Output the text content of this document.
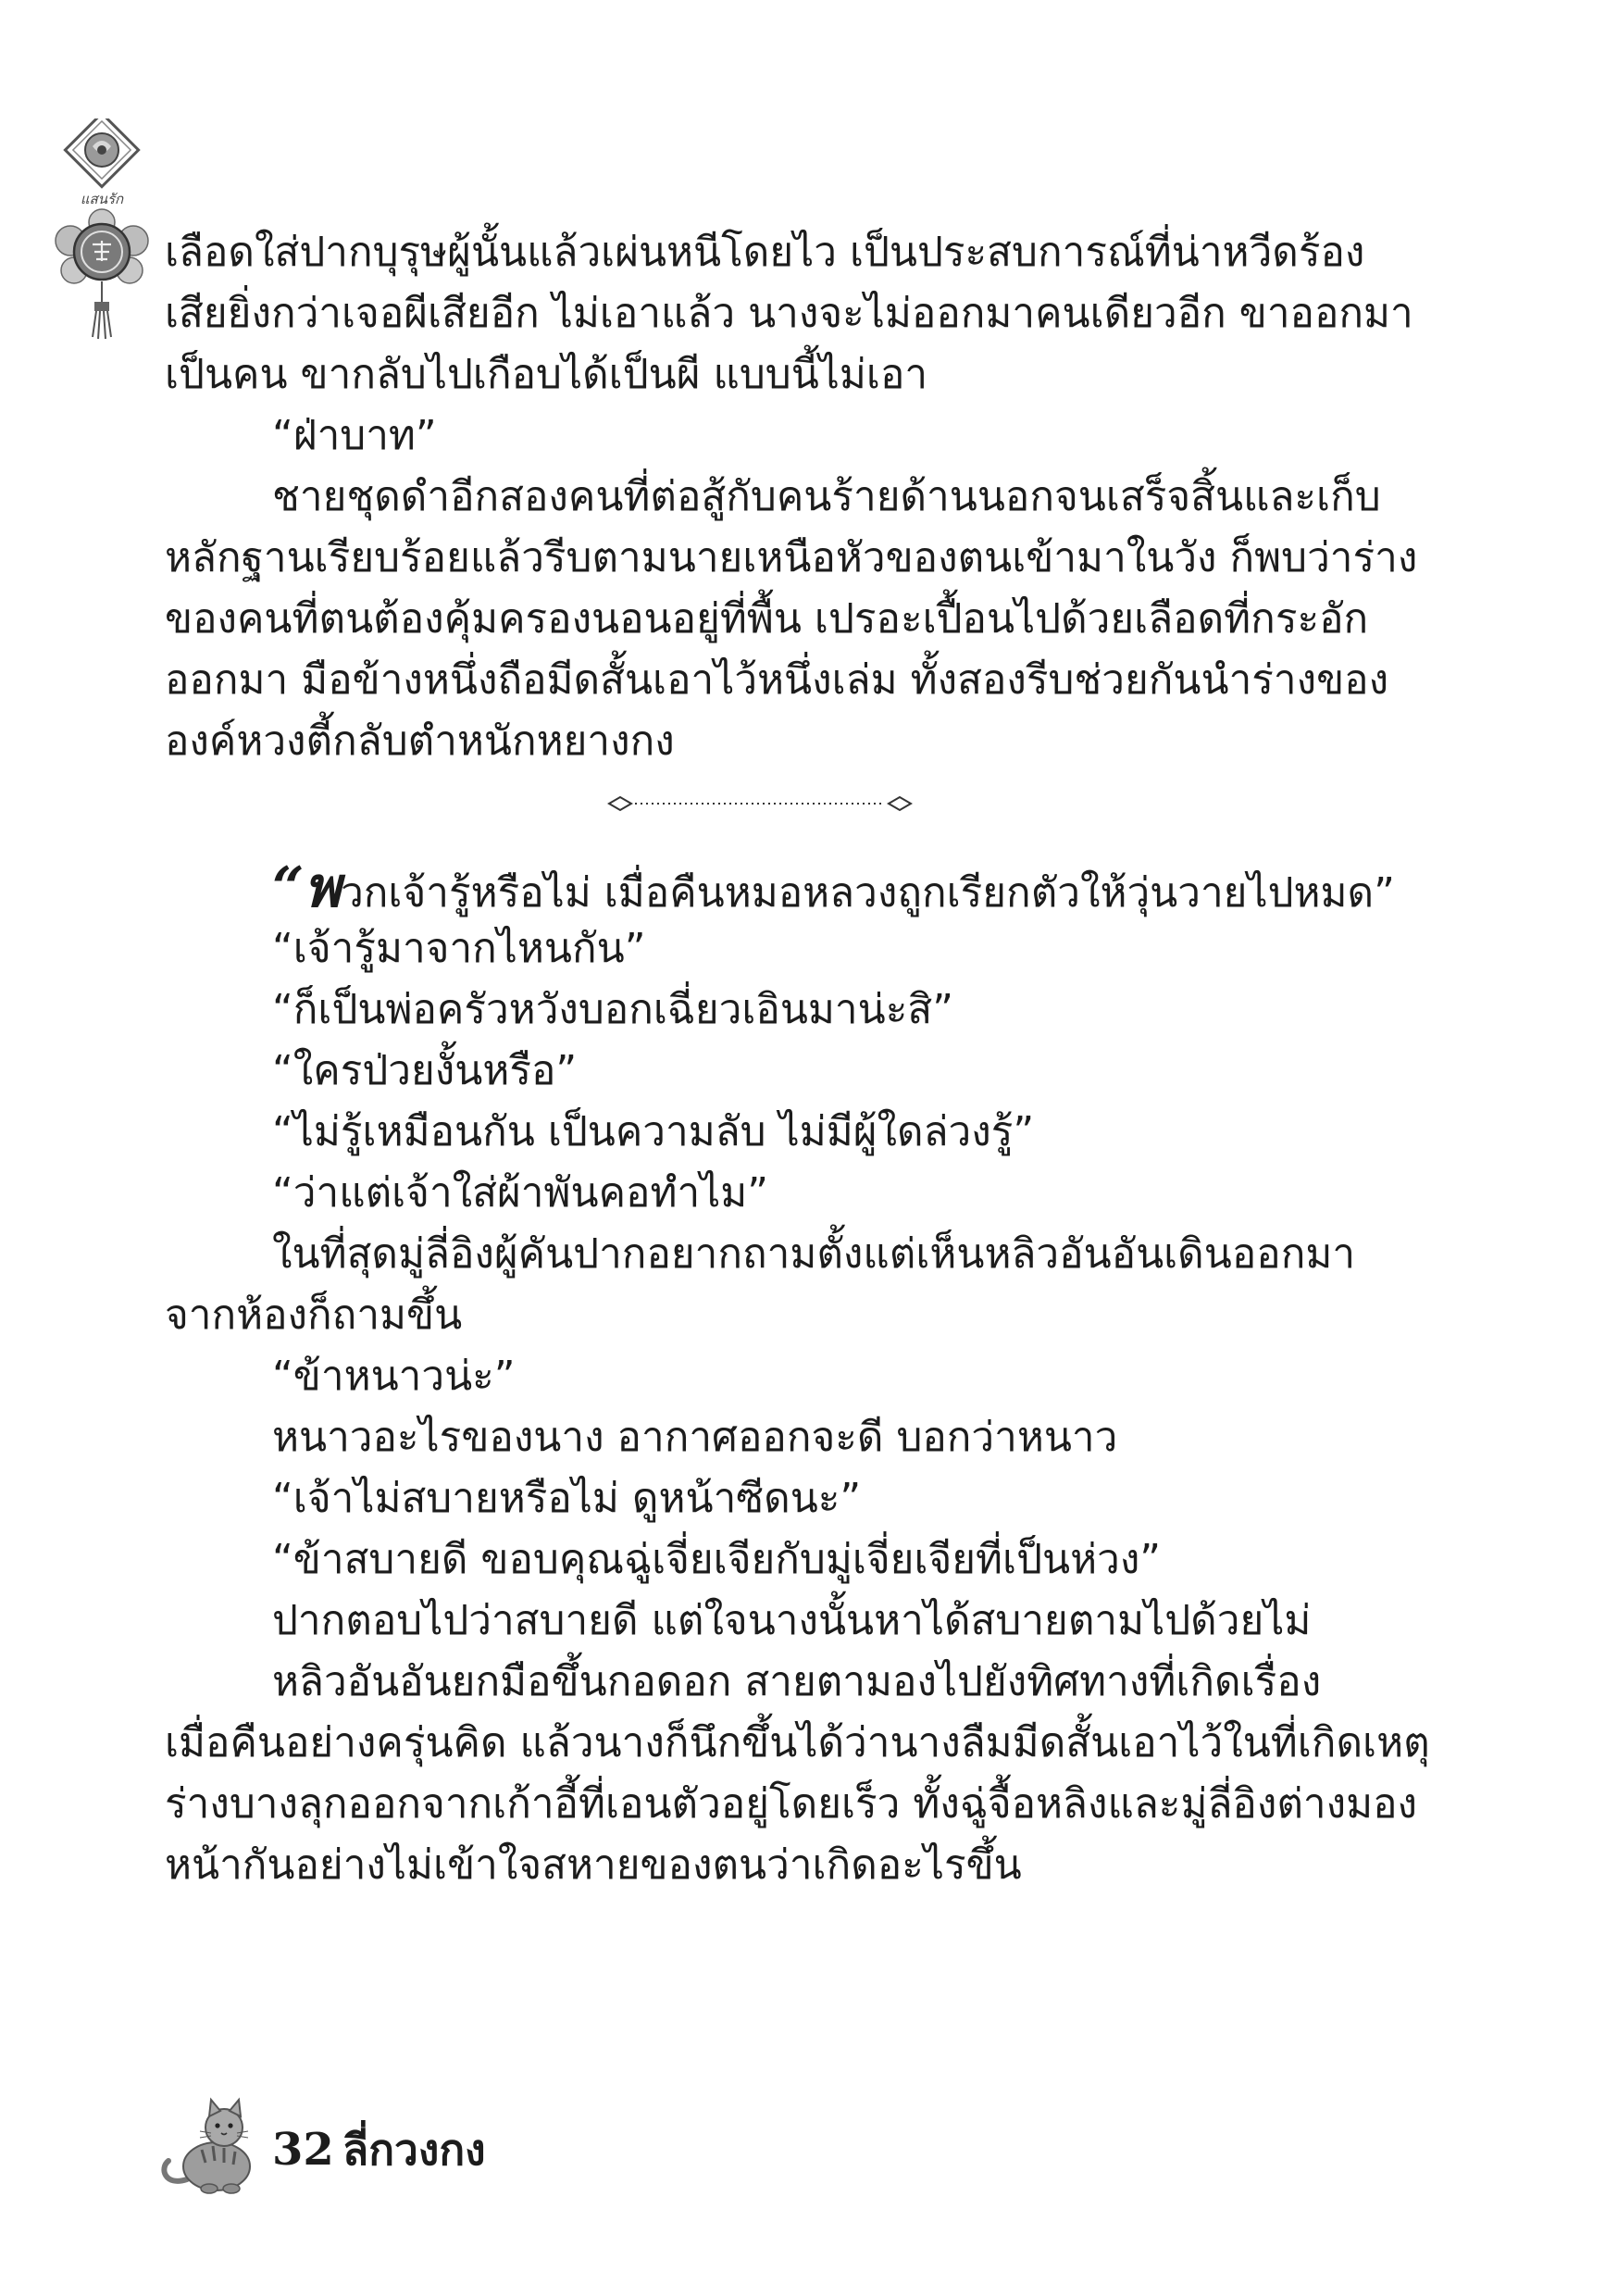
แสนรัก
เลือดใส่ปากบุรุษผู้นั้นแล้วเผ่นหนีโดยไว เป็นประสบการณ์ที่น่าหวีดร้อง
เสียยิ่งกว่าเจอผีเสียอีก ไม่เอาแล้ว นางจะไม่ออกมาคนเดียวอีก ขาออกมา
เป็นคน ขากลับไปเกือบได้เป็นผี แบบนี้ไม่เอา
“ฝ่าบาท”
ชายชุดดำอีกสองคนที่ต่อสู้กับคนร้ายด้านนอกจนเสร็จสิ้นและเก็บ
หลักฐานเรียบร้อยแล้วรีบตามนายเหนือหัวของตนเข้ามาในวัง ก็พบว่าร่าง
ของคนที่ตนต้องคุ้มครองนอนอยู่ที่พื้น เปรอะเปื้อนไปด้วยเลือดที่กระอัก
ออกมา มือข้างหนึ่งถือมีดสั้นเอาไว้หนึ่งเล่ม ทั้งสองรีบช่วยกันนำร่างของ
องค์หวงตี้กลับตำหนักหยางกง
“พวกเจ้ารู้หรือไม่ เมื่อคืนหมอหลวงถูกเรียกตัวให้วุ่นวายไปหมด”
“เจ้ารู้มาจากไหนกัน”
“ก็เป็นพ่อครัวหวังบอกเฉี่ยวเอินมาน่ะสิ”
“ใครป่วยงั้นหรือ”
“ไม่รู้เหมือนกัน เป็นความลับ ไม่มีผู้ใดล่วงรู้”
“ว่าแต่เจ้าใส่ผ้าพันคอทำไม”
ในที่สุดมู่ลี่อิงผู้คันปากอยากถามตั้งแต่เห็นหลิวอันอันเดินออกมา
จากห้องก็ถามขึ้น
“ข้าหนาวน่ะ”
หนาวอะไรของนาง อากาศออกจะดี บอกว่าหนาว
“เจ้าไม่สบายหรือไม่ ดูหน้าซีดนะ”
“ข้าสบายดี ขอบคุณฉู่เจี่ยเจียกับมู่เจี่ยเจียที่เป็นห่วง”
ปากตอบไปว่าสบายดี แต่ใจนางนั้นหาได้สบายตามไปด้วยไม่
หลิวอันอันยกมือขึ้นกอดอก สายตามองไปยังทิศทางที่เกิดเรื่อง
เมื่อคืนอย่างครุ่นคิด แล้วนางก็นึกขึ้นได้ว่านางลืมมีดสั้นเอาไว้ในที่เกิดเหตุ
ร่างบางลุกออกจากเก้าอี้ที่เอนตัวอยู่โดยเร็ว ทั้งฉู่จื้อหลิงและมู่ลี่อิงต่างมอง
หน้ากันอย่างไม่เข้าใจสหายของตนว่าเกิดอะไรขึ้น
32 ลี่กวงกง
